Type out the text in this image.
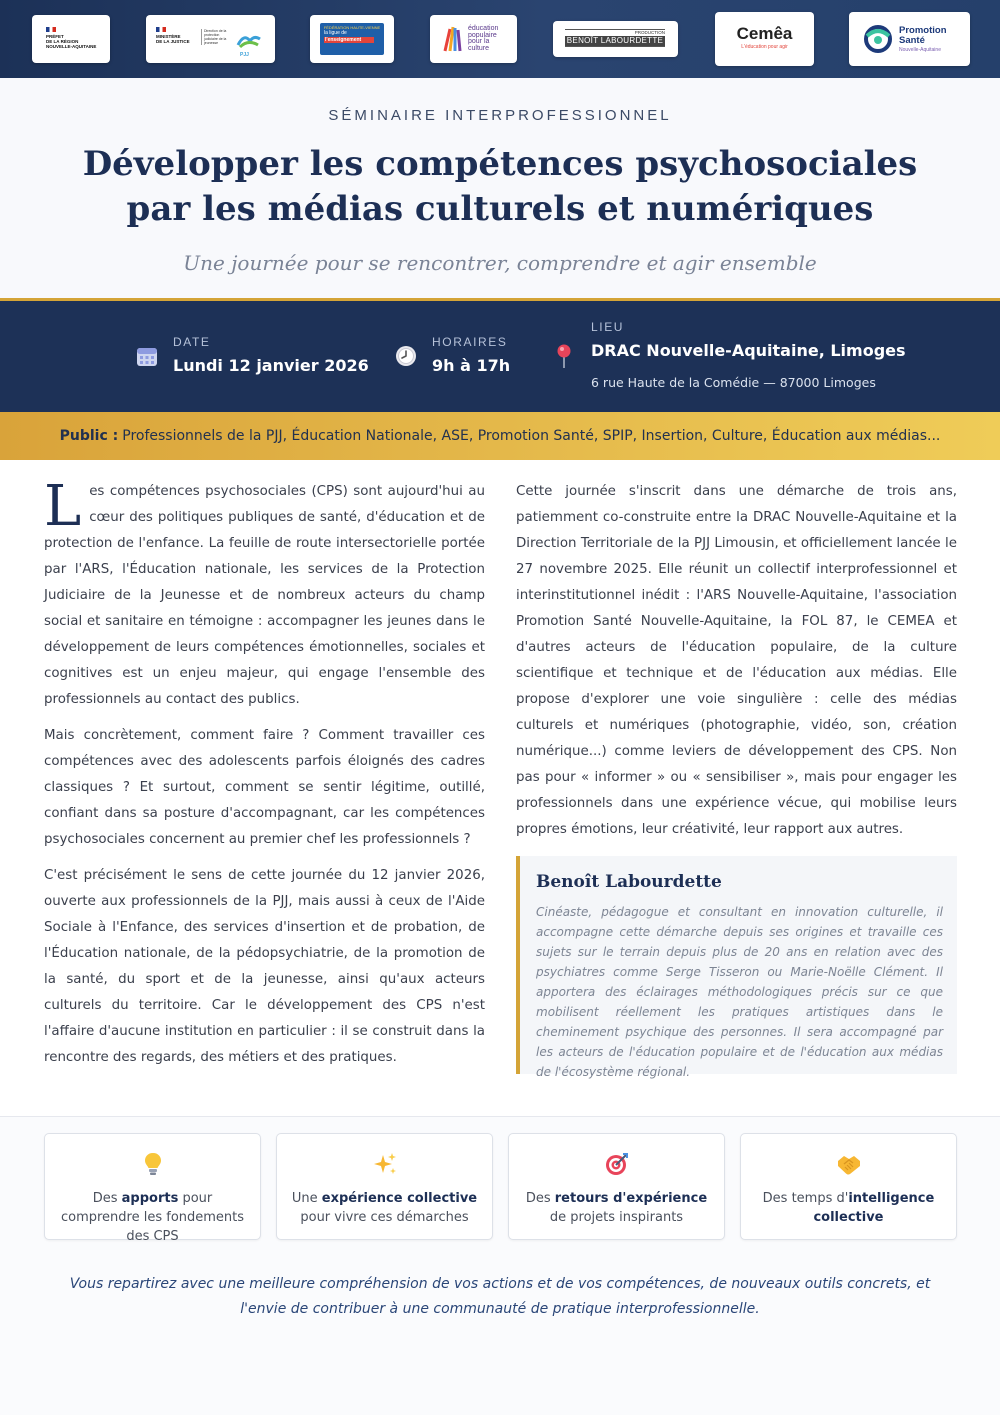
PRÉFET
DE LA RÉGION
NOUVELLE-AQUITAINE
MINISTÈRE
DE LA JUSTICE
Direction de la protection judiciaire de la jeunesse
PJJ
FÉDÉRATION HAUTE-VIENNE
la ligue de
l'enseignement
éducation
populaire
pour la
culture
PRODUCTION
BENOÎT LABOURDETTE	Cemêa
L'éducation pour agir
Promotion
Santé
Nouvelle-Aquitaine
SÉMINAIRE INTERPROFESSIONNEL
Développer les compétences psychosociales
par les médias culturels et numériques
Une journée pour se rencontrer, comprendre et agir ensemble
DATE
Lundi 12 janvier 2026
HORAIRES
9h à 17h
LIEU
DRAC Nouvelle-Aquitaine, Limoges
6 rue Haute de la Comédie — 87000 Limoges
Public : Professionnels de la PJJ, Éducation Nationale, ASE, Promotion Santé, SPIP, Insertion, Culture, Éducation aux médias...

Les compétences psychosociales (CPS) sont aujourd'hui au cœur des politiques publiques de santé, d'éducation et de protection de l'enfance. La feuille de route intersectorielle portée par l'ARS, l'Éducation nationale, les services de la Protection Judiciaire de la Jeunesse et de nombreux acteurs du champ social et sanitaire en témoigne : accompagner les jeunes dans le développement de leurs compétences émotionnelles, sociales et cognitives est un enjeu majeur, qui engage l'ensemble des professionnels au contact des publics.

Mais concrètement, comment faire ? Comment travailler ces compétences avec des adolescents parfois éloignés des cadres classiques ? Et surtout, comment se sentir légitime, outillé, confiant dans sa posture d'accompagnant, car les compétences psychosociales concernent au premier chef les professionnels ?

C'est précisément le sens de cette journée du 12 janvier 2026, ouverte aux professionnels de la PJJ, mais aussi à ceux de l'Aide Sociale à l'Enfance, des services d'insertion et de probation, de l'Éducation nationale, de la pédopsychiatrie, de la promotion de la santé, du sport et de la jeunesse, ainsi qu'aux acteurs culturels du territoire. Car le développement des CPS n'est l'affaire d'aucune institution en particulier : il se construit dans la rencontre des regards, des métiers et des pratiques.

Cette journée s'inscrit dans une démarche de trois ans, patiemment co-construite entre la DRAC Nouvelle-Aquitaine et la Direction Territoriale de la PJJ Limousin, et officiellement lancée le 27 novembre 2025. Elle réunit un collectif interprofessionnel et interinstitutionnel inédit : l'ARS Nouvelle-Aquitaine, l'association Promotion Santé Nouvelle-Aquitaine, la FOL 87, le CEMEA et d'autres acteurs de l'éducation populaire, de la culture scientifique et technique et de l'éducation aux médias. Elle propose d'explorer une voie singulière : celle des médias culturels et numériques (photographie, vidéo, son, création numérique...) comme leviers de développement des CPS. Non pas pour « informer » ou « sensibiliser », mais pour engager les professionnels dans une expérience vécue, qui mobilise leurs propres émotions, leur créativité, leur rapport aux autres.

Benoît Labourdette
Cinéaste, pédagogue et consultant en innovation culturelle, il accompagne cette démarche depuis ses origines et travaille ces sujets sur le terrain depuis plus de 20 ans en relation avec des psychiatres comme Serge Tisseron ou Marie-Noëlle Clément. Il apportera des éclairages méthodologiques précis sur ce que mobilisent réellement les pratiques artistiques dans le cheminement psychique des personnes. Il sera accompagné par les acteurs de l'éducation populaire et de l'éducation aux médias de l'écosystème régional.
Des apports pour comprendre les fondements des CPS
Une expérience collective pour vivre ces démarches
Des retours d'expérience de projets inspirants
Des temps d'intelligence collective
Vous repartirez avec une meilleure compréhension de vos actions et de vos compétences, de nouveaux outils concrets, et l'envie de contribuer à une communauté de pratique interprofessionnelle.
